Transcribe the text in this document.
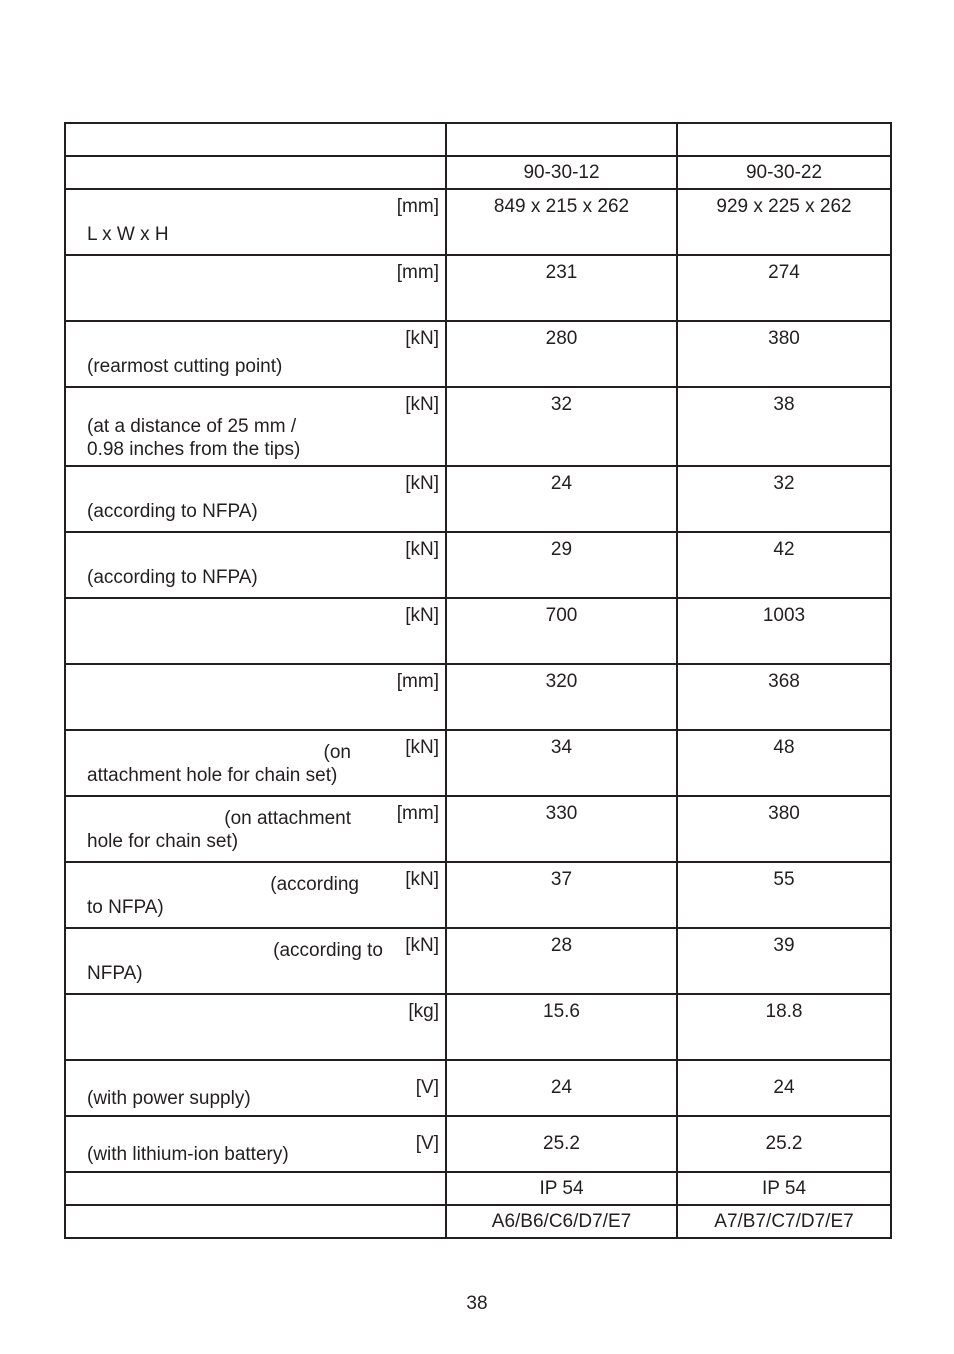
	90-30-12	90-30-22

[mm]
L x W x H	849 x 215 x 262	929 x 225 x 262

[mm]	231	274

[kN]
(rearmost cutting point)	280	380

[kN]
(at a distance of 25 mm /
0.98 inches from the tips)	32	38

[kN]
(according to NFPA)	24	32

[kN]
(according to NFPA)	29	42

[kN]	700	1003

[mm]	320	368

(on [kN]
attachment hole for chain set)	34	48

(on attachment [mm]
hole for chain set)	330	380

(according [kN]
to NFPA)	37	55

(according to [kN]
NFPA)	28	39

[kg]	15.6	18.8

[V]
(with power supply)	24	24

[V]
(with lithium-ion battery)	25.2	25.2

	IP 54	IP 54

	A6/B6/C6/D7/E7	A7/B7/C7/D7/E7
38
